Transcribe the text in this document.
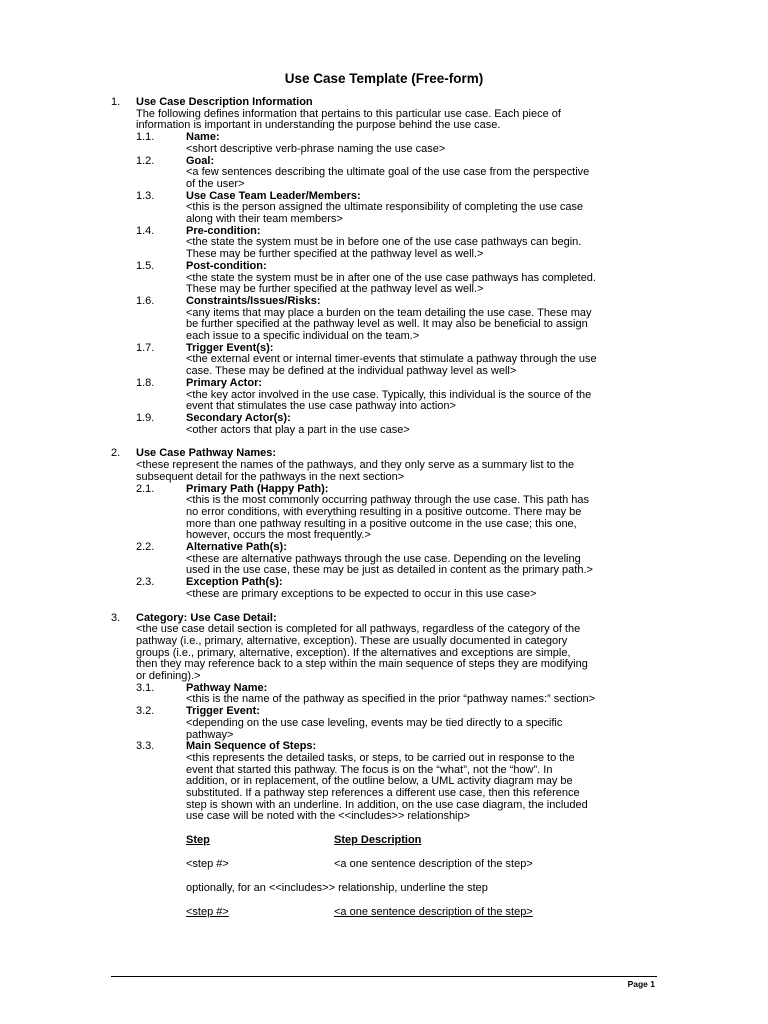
Use Case Template (Free-form)
1. Use Case Description Information
The following defines information that pertains to this particular use case. Each piece of
information is important in understanding the purpose behind the use case.
1.1.	Name:
<short descriptive verb-phrase naming the use case>
1.2.	Goal:
<a few sentences describing the ultimate goal of the use case from the perspective
of the user>
1.3.	Use Case Team Leader/Members:
<this is the person assigned the ultimate responsibility of completing the use case
along with their team members>
1.4.	Pre-condition:
<the state the system must be in before one of the use case pathways can begin.
These may be further specified at the pathway level as well.>
1.5.	Post-condition:
<the state the system must be in after one of the use case pathways has completed.
These may be further specified at the pathway level as well.>
1.6.	Constraints/Issues/Risks:
<any items that may place a burden on the team detailing the use case. These may
be further specified at the pathway level as well. It may also be beneficial to assign
each issue to a specific individual on the team.>
1.7.	Trigger Event(s):
<the external event or internal timer-events that stimulate a pathway through the use
case. These may be defined at the individual pathway level as well>
1.8.	Primary Actor:
<the key actor involved in the use case. Typically, this individual is the source of the
event that stimulates the use case pathway into action>
1.9.	Secondary Actor(s):
<other actors that play a part in the use case>
2. Use Case Pathway Names:
<these represent the names of the pathways, and they only serve as a summary list to the
subsequent detail for the pathways in the next section>
2.1.	Primary Path (Happy Path):
<this is the most commonly occurring pathway through the use case. This path has
no error conditions, with everything resulting in a positive outcome. There may be
more than one pathway resulting in a positive outcome in the use case; this one,
however, occurs the most frequently.>
2.2.	Alternative Path(s):
<these are alternative pathways through the use case. Depending on the leveling
used in the use case, these may be just as detailed in content as the primary path.>
2.3.	Exception Path(s):
<these are primary exceptions to be expected to occur in this use case>
3. Category: Use Case Detail:
<the use case detail section is completed for all pathways, regardless of the category of the
pathway (i.e., primary, alternative, exception). These are usually documented in category
groups (i.e., primary, alternative, exception). If the alternatives and exceptions are simple,
then they may reference back to a step within the main sequence of steps they are modifying
or defining).>
3.1.	Pathway Name:
<this is the name of the pathway as specified in the prior “pathway names:” section>
3.2.	Trigger Event:
<depending on the use case leveling, events may be tied directly to a specific
pathway>
3.3.	Main Sequence of Steps:
<this represents the detailed tasks, or steps, to be carried out in response to the
event that started this pathway. The focus is on the “what”, not the “how”. In
addition, or in replacement, of the outline below, a UML activity diagram may be
substituted. If a pathway step references a different use case, then this reference
step is shown with an underline. In addition, on the use case diagram, the included
use case will be noted with the <<includes>> relationship>
Step	Step Description
<step #>	<a one sentence description of the step>
optionally, for an <<includes>> relationship, underline the step
<step #>	<a one sentence description of the step>
Page 1
